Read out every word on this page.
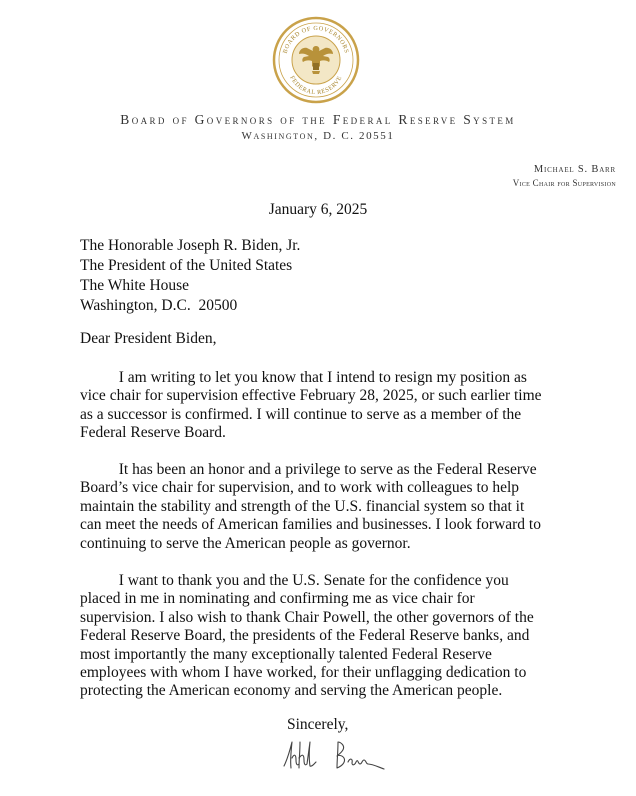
BOARD OF GOVERNORS
FEDERAL RESERVE
Board of Governors of the Federal Reserve System
Washington, D. C. 20551
Michael S. Barr
Vice Chair for Supervision
January 6, 2025
The Honorable Joseph R. Biden, Jr.
The President of the United States
The White House
Washington, D.C.  20500
Dear President Biden,
I am writing to let you know that I intend to resign my position as
vice chair for supervision effective February 28, 2025, or such earlier time
as a successor is confirmed. I will continue to serve as a member of the
Federal Reserve Board.
It has been an honor and a privilege to serve as the Federal Reserve
Board’s vice chair for supervision, and to work with colleagues to help
maintain the stability and strength of the U.S. financial system so that it
can meet the needs of American families and businesses. I look forward to
continuing to serve the American people as governor.
I want to thank you and the U.S. Senate for the confidence you
placed in me in nominating and confirming me as vice chair for
supervision. I also wish to thank Chair Powell, the other governors of the
Federal Reserve Board, the presidents of the Federal Reserve banks, and
most importantly the many exceptionally talented Federal Reserve
employees with whom I have worked, for their unflagging dedication to
protecting the American economy and serving the American people.
Sincerely,
